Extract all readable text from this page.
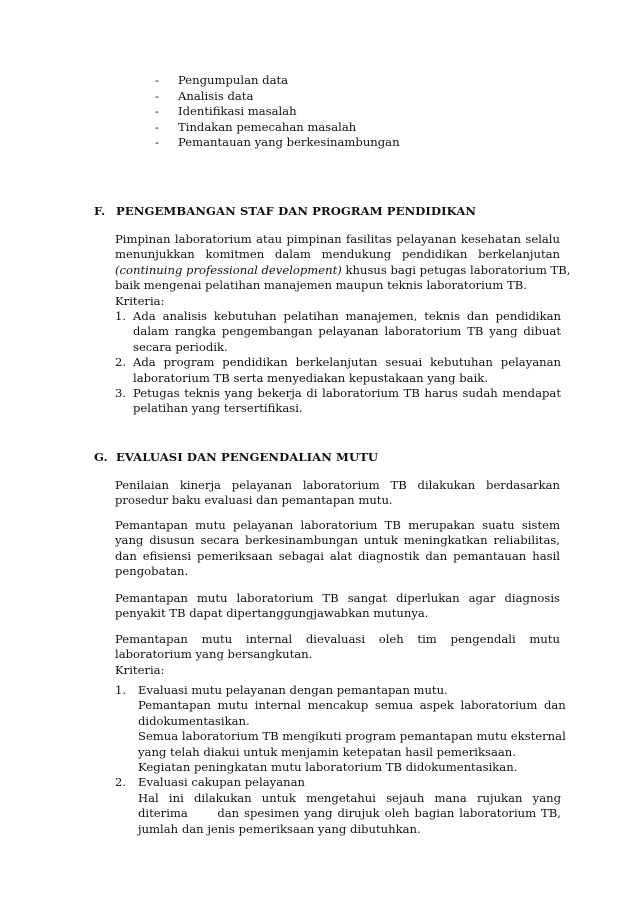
- Pengumpulan data
- Analisis data
- Identifikasi masalah
- Tindakan pemecahan masalah
- Pemantauan yang berkesinambungan
F. PENGEMBANGAN STAF DAN PROGRAM PENDIDIKAN
Pimpinan laboratorium atau pimpinan fasilitas pelayanan kesehatan selalu
menunjukkan komitmen dalam mendukung pendidikan berkelanjutan
(continuing professional development) khusus bagi petugas laboratorium TB,
baik mengenai pelatihan manajemen maupun teknis laboratorium TB.
Kriteria:
1. Ada analisis kebutuhan pelatihan manajemen, teknis dan pendidikan
dalam rangka pengembangan pelayanan laboratorium TB yang dibuat
secara periodik.
2. Ada program pendidikan berkelanjutan sesuai kebutuhan pelayanan
laboratorium TB serta menyediakan kepustakaan yang baik.
3. Petugas teknis yang bekerja di laboratorium TB harus sudah mendapat
pelatihan yang tersertifikasi.
G. EVALUASI DAN PENGENDALIAN MUTU
Penilaian kinerja pelayanan laboratorium TB dilakukan berdasarkan
prosedur baku evaluasi dan pemantapan mutu.
Pemantapan mutu pelayanan laboratorium TB merupakan suatu sistem
yang disusun secara berkesinambungan untuk meningkatkan reliabilitas,
dan efisiensi pemeriksaan sebagai alat diagnostik dan pemantauan hasil
pengobatan.
Pemantapan mutu laboratorium TB sangat diperlukan agar diagnosis
penyakit TB dapat dipertanggungjawabkan mutunya.
Pemantapan mutu internal dievaluasi oleh tim pengendali mutu
laboratorium yang bersangkutan.
Kriteria:
1.	Evaluasi mutu pelayanan dengan pemantapan mutu.
Pemantapan mutu internal mencakup semua aspek laboratorium dan
didokumentasikan.
Semua laboratorium TB mengikuti program pemantapan mutu eksternal
yang telah diakui untuk menjamin ketepatan hasil pemeriksaan.
Kegiatan peningkatan mutu laboratorium TB didokumentasikan.
2.	Evaluasi cakupan pelayanan
Hal ini dilakukan untuk mengetahui sejauh mana rujukan yang
diterima      dan spesimen yang dirujuk oleh bagian laboratorium TB,
jumlah dan jenis pemeriksaan yang dibutuhkan.
